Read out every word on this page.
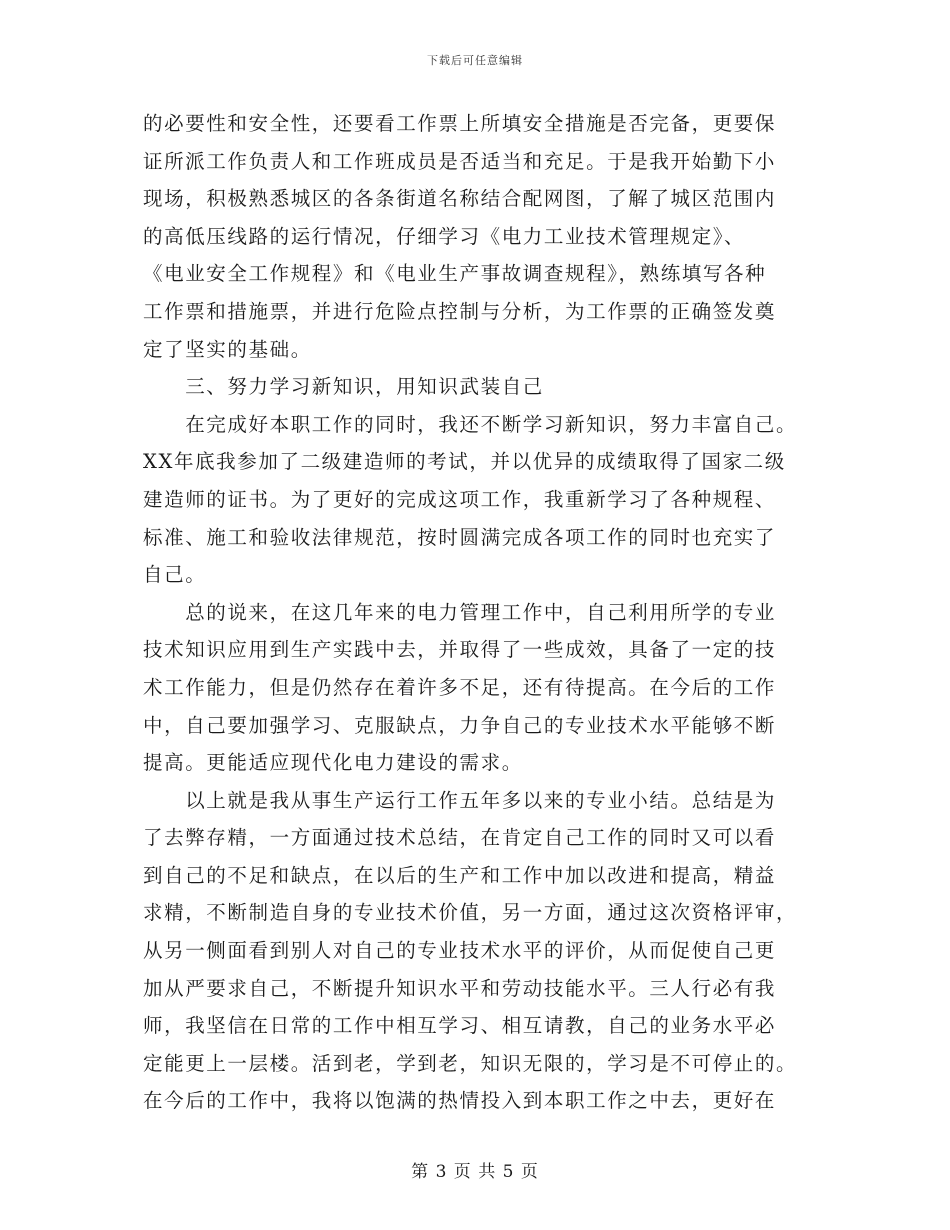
下载后可任意编辑
的必要性和安全性，还要看工作票上所填安全措施是否完备，更要保
证所派工作负责人和工作班成员是否适当和充足。于是我开始勤下小
现场，积极熟悉城区的各条街道名称结合配网图，了解了城区范围内
的高低压线路的运行情况，仔细学习《电力工业技术管理规定》、
《电业安全工作规程》和《电业生产事故调查规程》，熟练填写各种
工作票和措施票，并进行危险点控制与分析，为工作票的正确签发奠
定了坚实的基础。
　　三、努力学习新知识，用知识武装自己
　　在完成好本职工作的同时，我还不断学习新知识，努力丰富自己。
XX年底我参加了二级建造师的考试，并以优异的成绩取得了国家二级
建造师的证书。为了更好的完成这项工作，我重新学习了各种规程、
标准、施工和验收法律规范，按时圆满完成各项工作的同时也充实了
自己。
　　总的说来，在这几年来的电力管理工作中，自己利用所学的专业
技术知识应用到生产实践中去，并取得了一些成效，具备了一定的技
术工作能力，但是仍然存在着许多不足，还有待提高。在今后的工作
中，自己要加强学习、克服缺点，力争自己的专业技术水平能够不断
提高。更能适应现代化电力建设的需求。
　　以上就是我从事生产运行工作五年多以来的专业小结。总结是为
了去弊存精，一方面通过技术总结，在肯定自己工作的同时又可以看
到自己的不足和缺点，在以后的生产和工作中加以改进和提高，精益
求精，不断制造自身的专业技术价值，另一方面，通过这次资格评审，
从另一侧面看到别人对自己的专业技术水平的评价，从而促使自己更
加从严要求自己，不断提升知识水平和劳动技能水平。三人行必有我
师，我坚信在日常的工作中相互学习、相互请教，自己的业务水平必
定能更上一层楼。活到老，学到老，知识无限的，学习是不可停止的。
在今后的工作中，我将以饱满的热情投入到本职工作之中去，更好在
第 3 页 共 5 页
